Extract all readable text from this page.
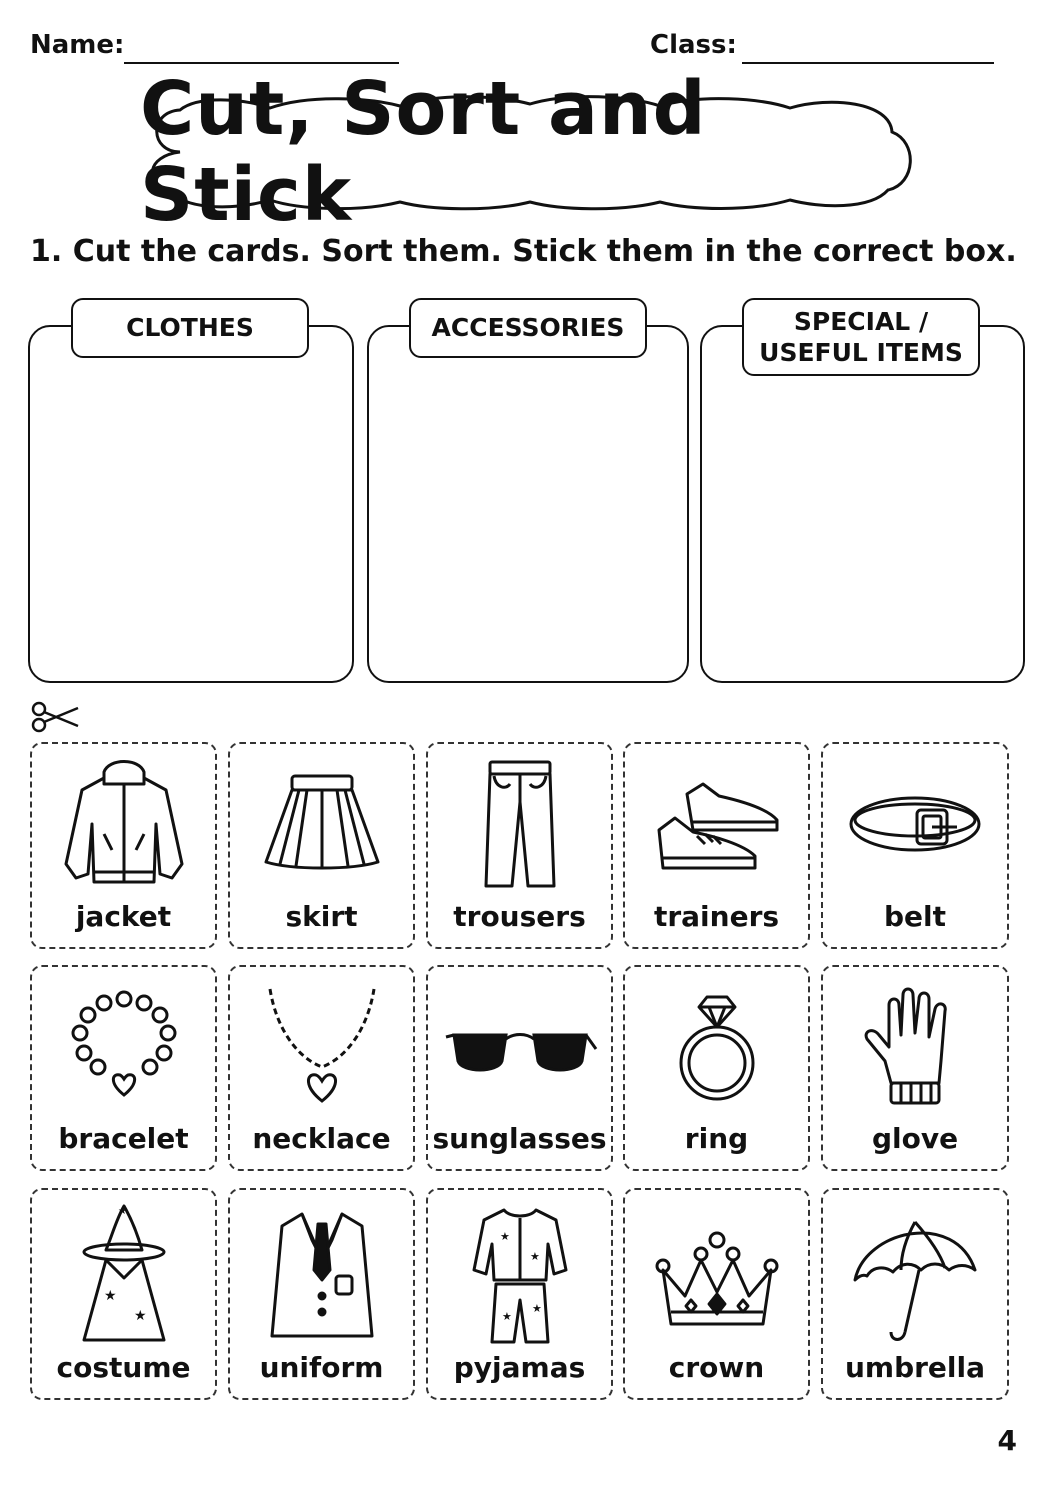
Name:	Class:
Cut, Sort and Stick
1. Cut the cards. Sort them. Stick them in the correct box.
CLOTHES	ACCESSORIES	SPECIAL /
USEFUL ITEMS
jacket	skirt	trousers	trainers	belt
bracelet	necklace	sunglasses	ring	glove
★
★
★
costume	uniform
★
★
★
★
pyjamas	crown	umbrella
4
